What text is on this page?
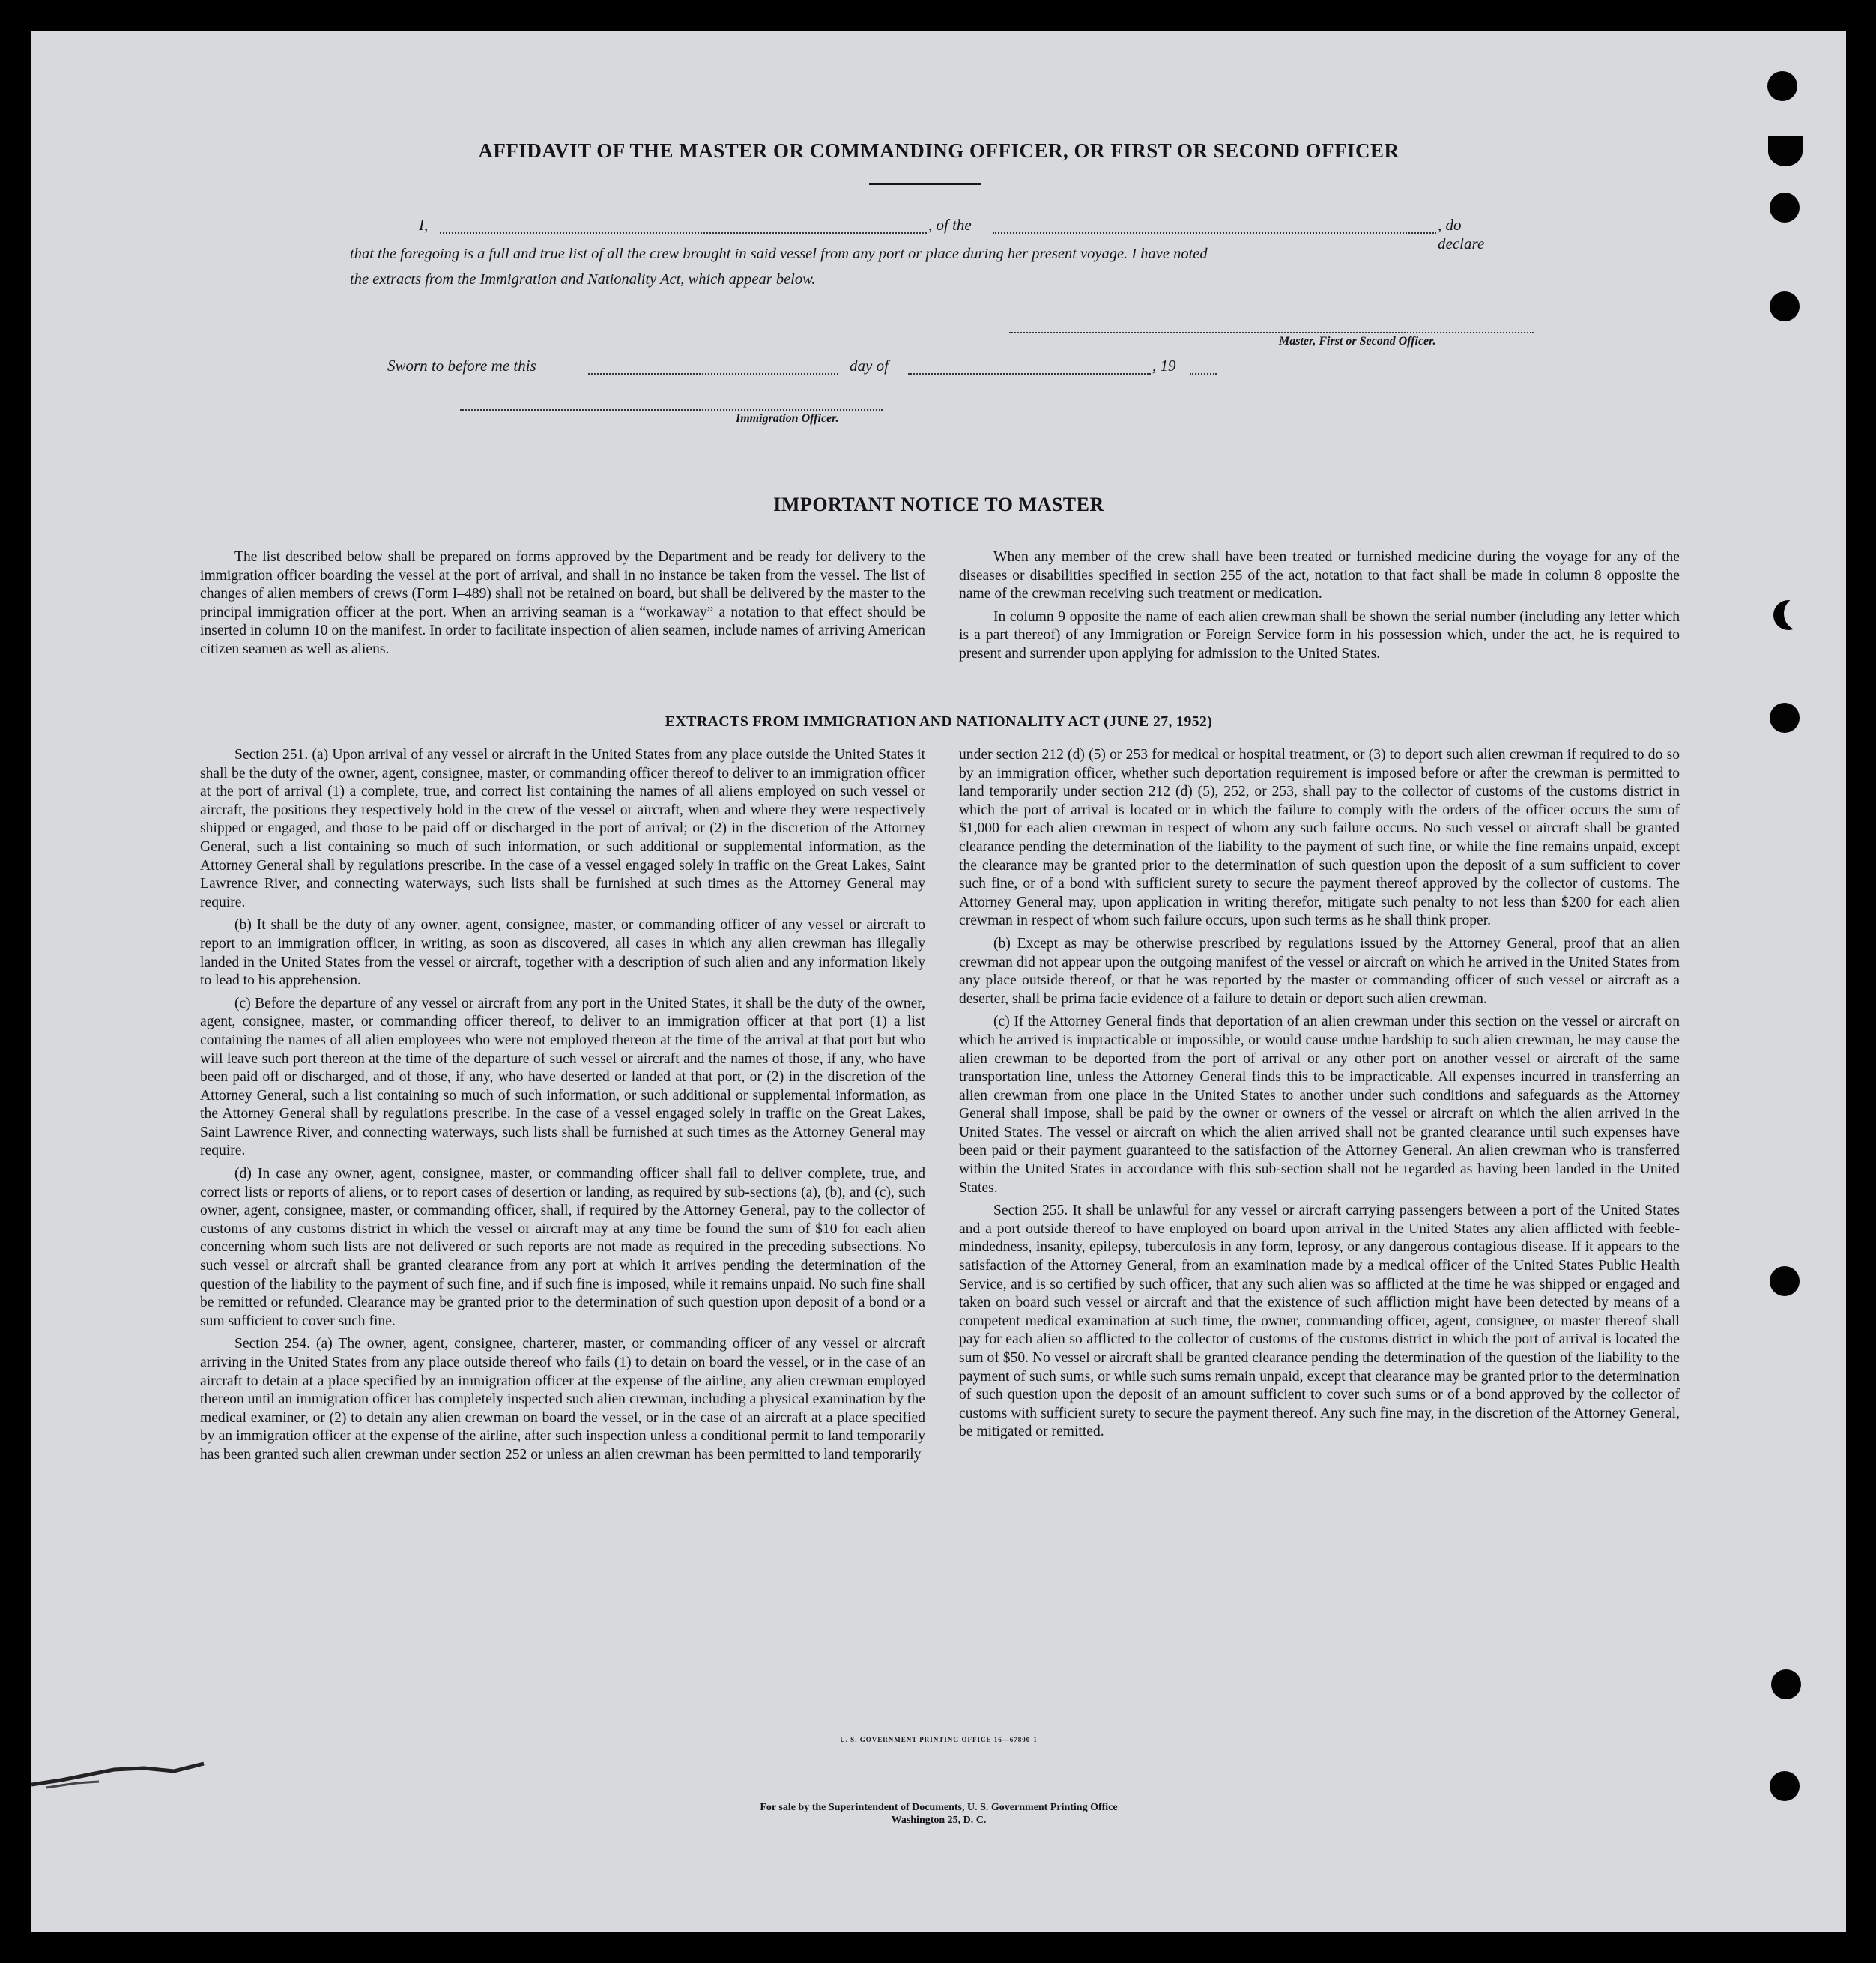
AFFIDAVIT OF THE MASTER OR COMMANDING OFFICER, OR FIRST OR SECOND OFFICER
I,	, of the	, do declare
that the foregoing is a full and true list of all the crew brought in said vessel from any port or place during her present voyage. I have noted
the extracts from the Immigration and Nationality Act, which appear below.
Master, First or Second Officer.
Sworn to before me this	day of	, 19
Immigration Officer.
IMPORTANT NOTICE TO MASTER

The list described below shall be prepared on forms approved by the Department and be ready for delivery to the immigration officer boarding the vessel at the port of arrival, and shall in no instance be taken from the vessel. The list of changes of alien members of crews (Form I–489) shall not be retained on board, but shall be delivered by the master to the principal immigration officer at the port. When an arriving seaman is a “workaway” a notation to that effect should be inserted in column 10 on the manifest. In order to facilitate inspection of alien seamen, include names of arriving American citizen seamen as well as aliens.

When any member of the crew shall have been treated or furnished medicine during the voyage for any of the diseases or disabilities specified in section 255 of the act, notation to that fact shall be made in column 8 opposite the name of the crewman receiving such treatment or medication.

In column 9 opposite the name of each alien crewman shall be shown the serial number (including any letter which is a part thereof) of any Immigration or Foreign Service form in his possession which, under the act, he is required to present and surrender upon applying for admission to the United States.

EXTRACTS FROM IMMIGRATION AND NATIONALITY ACT (JUNE 27, 1952)

Section 251. (a) Upon arrival of any vessel or aircraft in the United States from any place outside the United States it shall be the duty of the owner, agent, consignee, master, or commanding officer thereof to deliver to an immigration officer at the port of arrival (1) a complete, true, and correct list containing the names of all aliens employed on such vessel or aircraft, the positions they respectively hold in the crew of the vessel or aircraft, when and where they were respectively shipped or engaged, and those to be paid off or discharged in the port of arrival; or (2) in the discretion of the Attorney General, such a list containing so much of such information, or such additional or supplemental information, as the Attorney General shall by regulations prescribe. In the case of a vessel engaged solely in traffic on the Great Lakes, Saint Lawrence River, and connecting waterways, such lists shall be furnished at such times as the Attorney General may require.

(b) It shall be the duty of any owner, agent, consignee, master, or commanding officer of any vessel or aircraft to report to an immigration officer, in writing, as soon as discovered, all cases in which any alien crewman has illegally landed in the United States from the vessel or aircraft, together with a description of such alien and any information likely to lead to his apprehension.

(c) Before the departure of any vessel or aircraft from any port in the United States, it shall be the duty of the owner, agent, consignee, master, or commanding officer thereof, to deliver to an immigration officer at that port (1) a list containing the names of all alien employees who were not employed thereon at the time of the arrival at that port but who will leave such port thereon at the time of the departure of such vessel or aircraft and the names of those, if any, who have been paid off or discharged, and of those, if any, who have deserted or landed at that port, or (2) in the discretion of the Attorney General, such a list containing so much of such information, or such additional or supplemental information, as the Attorney General shall by regulations prescribe. In the case of a vessel engaged solely in traffic on the Great Lakes, Saint Lawrence River, and connecting waterways, such lists shall be furnished at such times as the Attorney General may require.

(d) In case any owner, agent, consignee, master, or commanding officer shall fail to deliver complete, true, and correct lists or reports of aliens, or to report cases of desertion or landing, as required by sub-sections (a), (b), and (c), such owner, agent, consignee, master, or commanding officer, shall, if required by the Attorney General, pay to the collector of customs of any customs district in which the vessel or aircraft may at any time be found the sum of $10 for each alien concerning whom such lists are not delivered or such reports are not made as required in the preceding subsections. No such vessel or aircraft shall be granted clearance from any port at which it arrives pending the determination of the question of the liability to the payment of such fine, and if such fine is imposed, while it remains unpaid. No such fine shall be remitted or refunded. Clearance may be granted prior to the determination of such question upon deposit of a bond or a sum sufficient to cover such fine.

Section 254. (a) The owner, agent, consignee, charterer, master, or commanding officer of any vessel or aircraft arriving in the United States from any place outside thereof who fails (1) to detain on board the vessel, or in the case of an aircraft to detain at a place specified by an immigration officer at the expense of the airline, any alien crewman employed thereon until an immigration officer has completely inspected such alien crewman, including a physical examination by the medical examiner, or (2) to detain any alien crewman on board the vessel, or in the case of an aircraft at a place specified by an immigration officer at the expense of the airline, after such inspection unless a conditional permit to land temporarily has been granted such alien crewman under section 252 or unless an alien crewman has been permitted to land temporarily

under section 212 (d) (5) or 253 for medical or hospital treatment, or (3) to deport such alien crewman if required to do so by an immigration officer, whether such deportation requirement is imposed before or after the crewman is permitted to land temporarily under section 212 (d) (5), 252, or 253, shall pay to the collector of customs of the customs district in which the port of arrival is located or in which the failure to comply with the orders of the officer occurs the sum of $1,000 for each alien crewman in respect of whom any such failure occurs. No such vessel or aircraft shall be granted clearance pending the determination of the liability to the payment of such fine, or while the fine remains unpaid, except the clearance may be granted prior to the determination of such question upon the deposit of a sum sufficient to cover such fine, or of a bond with sufficient surety to secure the payment thereof approved by the collector of customs. The Attorney General may, upon application in writing therefor, mitigate such penalty to not less than $200 for each alien crewman in respect of whom such failure occurs, upon such terms as he shall think proper.

(b) Except as may be otherwise prescribed by regulations issued by the Attorney General, proof that an alien crewman did not appear upon the outgoing manifest of the vessel or aircraft on which he arrived in the United States from any place outside thereof, or that he was reported by the master or commanding officer of such vessel or aircraft as a deserter, shall be prima facie evidence of a failure to detain or deport such alien crewman.

(c) If the Attorney General finds that deportation of an alien crewman under this section on the vessel or aircraft on which he arrived is impracticable or impossible, or would cause undue hardship to such alien crewman, he may cause the alien crewman to be deported from the port of arrival or any other port on another vessel or aircraft of the same transportation line, unless the Attorney General finds this to be impracticable. All expenses incurred in transferring an alien crewman from one place in the United States to another under such conditions and safeguards as the Attorney General shall impose, shall be paid by the owner or owners of the vessel or aircraft on which the alien arrived in the United States. The vessel or aircraft on which the alien arrived shall not be granted clearance until such expenses have been paid or their payment guaranteed to the satisfaction of the Attorney General. An alien crewman who is transferred within the United States in accordance with this sub-section shall not be regarded as having been landed in the United States.

Section 255. It shall be unlawful for any vessel or aircraft carrying passengers between a port of the United States and a port outside thereof to have employed on board upon arrival in the United States any alien afflicted with feeble-mindedness, insanity, epilepsy, tuberculosis in any form, leprosy, or any dangerous contagious disease. If it appears to the satisfaction of the Attorney General, from an examination made by a medical officer of the United States Public Health Service, and is so certified by such officer, that any such alien was so afflicted at the time he was shipped or engaged and taken on board such vessel or aircraft and that the existence of such affliction might have been detected by means of a competent medical examination at such time, the owner, commanding officer, agent, consignee, or master thereof shall pay for each alien so afflicted to the collector of customs of the customs district in which the port of arrival is located the sum of $50. No vessel or aircraft shall be granted clearance pending the determination of the question of the liability to the payment of such sums, or while such sums remain unpaid, except that clearance may be granted prior to the determination of such question upon the deposit of an amount sufficient to cover such sums or of a bond approved by the collector of customs with sufficient surety to secure the payment thereof. Any such fine may, in the discretion of the Attorney General, be mitigated or remitted.

U. S. GOVERNMENT PRINTING OFFICE 16—67800-1
For sale by the Superintendent of Documents, U. S. Government Printing Office
Washington 25, D. C.
